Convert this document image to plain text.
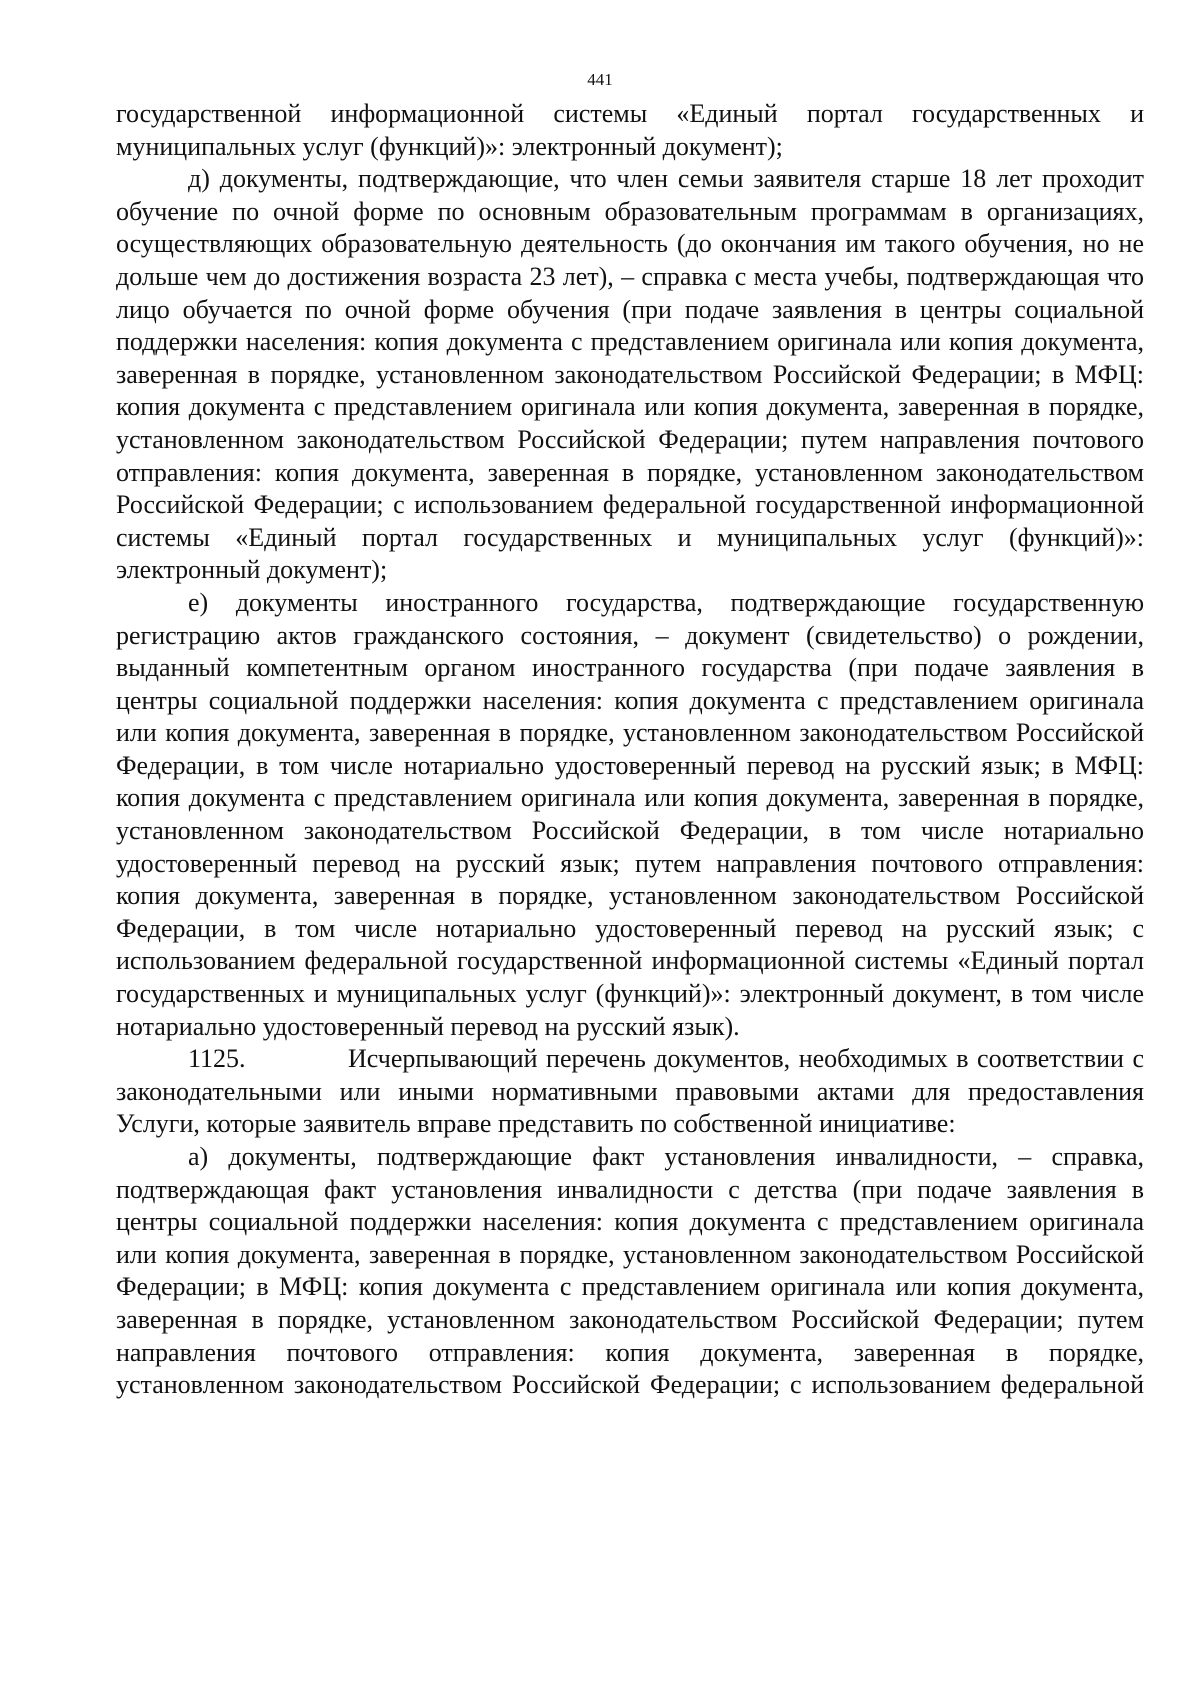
441

государственной информационной системы «Единый портал государственных и муниципальных услуг (функций)»: электронный документ);

д) документы, подтверждающие, что член семьи заявителя старше 18 лет проходит обучение по очной форме по основным образовательным программам в организациях, осуществляющих образовательную деятельность (до окончания им такого обучения, но не дольше чем до достижения возраста 23 лет), – справка с места учебы, подтверждающая что лицо обучается по очной форме обучения (при подаче заявления в центры социальной поддержки населения: копия документа с представлением оригинала или копия документа, заверенная в порядке, установленном законодательством Российской Федерации; в МФЦ: копия документа с представлением оригинала или копия документа, заверенная в порядке, установленном законодательством Российской Федерации; путем направления почтового отправления: копия документа, заверенная в порядке, установленном законодательством Российской Федерации; с использованием федеральной государственной информационной системы «Единый портал государственных и муниципальных услуг (функций)»: электронный документ);

е) документы иностранного государства, подтверждающие государственную регистрацию актов гражданского состояния, – документ (свидетельство) о рождении, выданный компетентным органом иностранного государства (при подаче заявления в центры социальной поддержки населения: копия документа с представлением оригинала или копия документа, заверенная в порядке, установленном законодательством Российской Федерации, в том числе нотариально удостоверенный перевод на русский язык; в МФЦ: копия документа с представлением оригинала или копия документа, заверенная в порядке, установленном законодательством Российской Федерации, в том числе нотариально удостоверенный перевод на русский язык; путем направления почтового отправления: копия документа, заверенная в порядке, установленном законодательством Российской Федерации, в том числе нотариально удостоверенный перевод на русский язык; с использованием федеральной государственной информационной системы «Единый портал государственных и муниципальных услуг (функций)»: электронный документ, в том числе нотариально удостоверенный перевод на русский язык).

1125.	Исчерпывающий перечень документов, необходимых в соответствии с законодательными или иными нормативными правовыми актами для предоставления Услуги, которые заявитель вправе представить по собственной инициативе:

а) документы, подтверждающие факт установления инвалидности, – справка, подтверждающая факт установления инвалидности с детства (при подаче заявления в центры социальной поддержки населения: копия документа с представлением оригинала или копия документа, заверенная в порядке, установленном законодательством Российской Федерации; в МФЦ: копия документа с представлением оригинала или копия документа, заверенная в порядке, установленном законодательством Российской Федерации; путем направления почтового отправления: копия документа, заверенная в порядке, установленном законодательством Российской Федерации; с использованием федеральной
